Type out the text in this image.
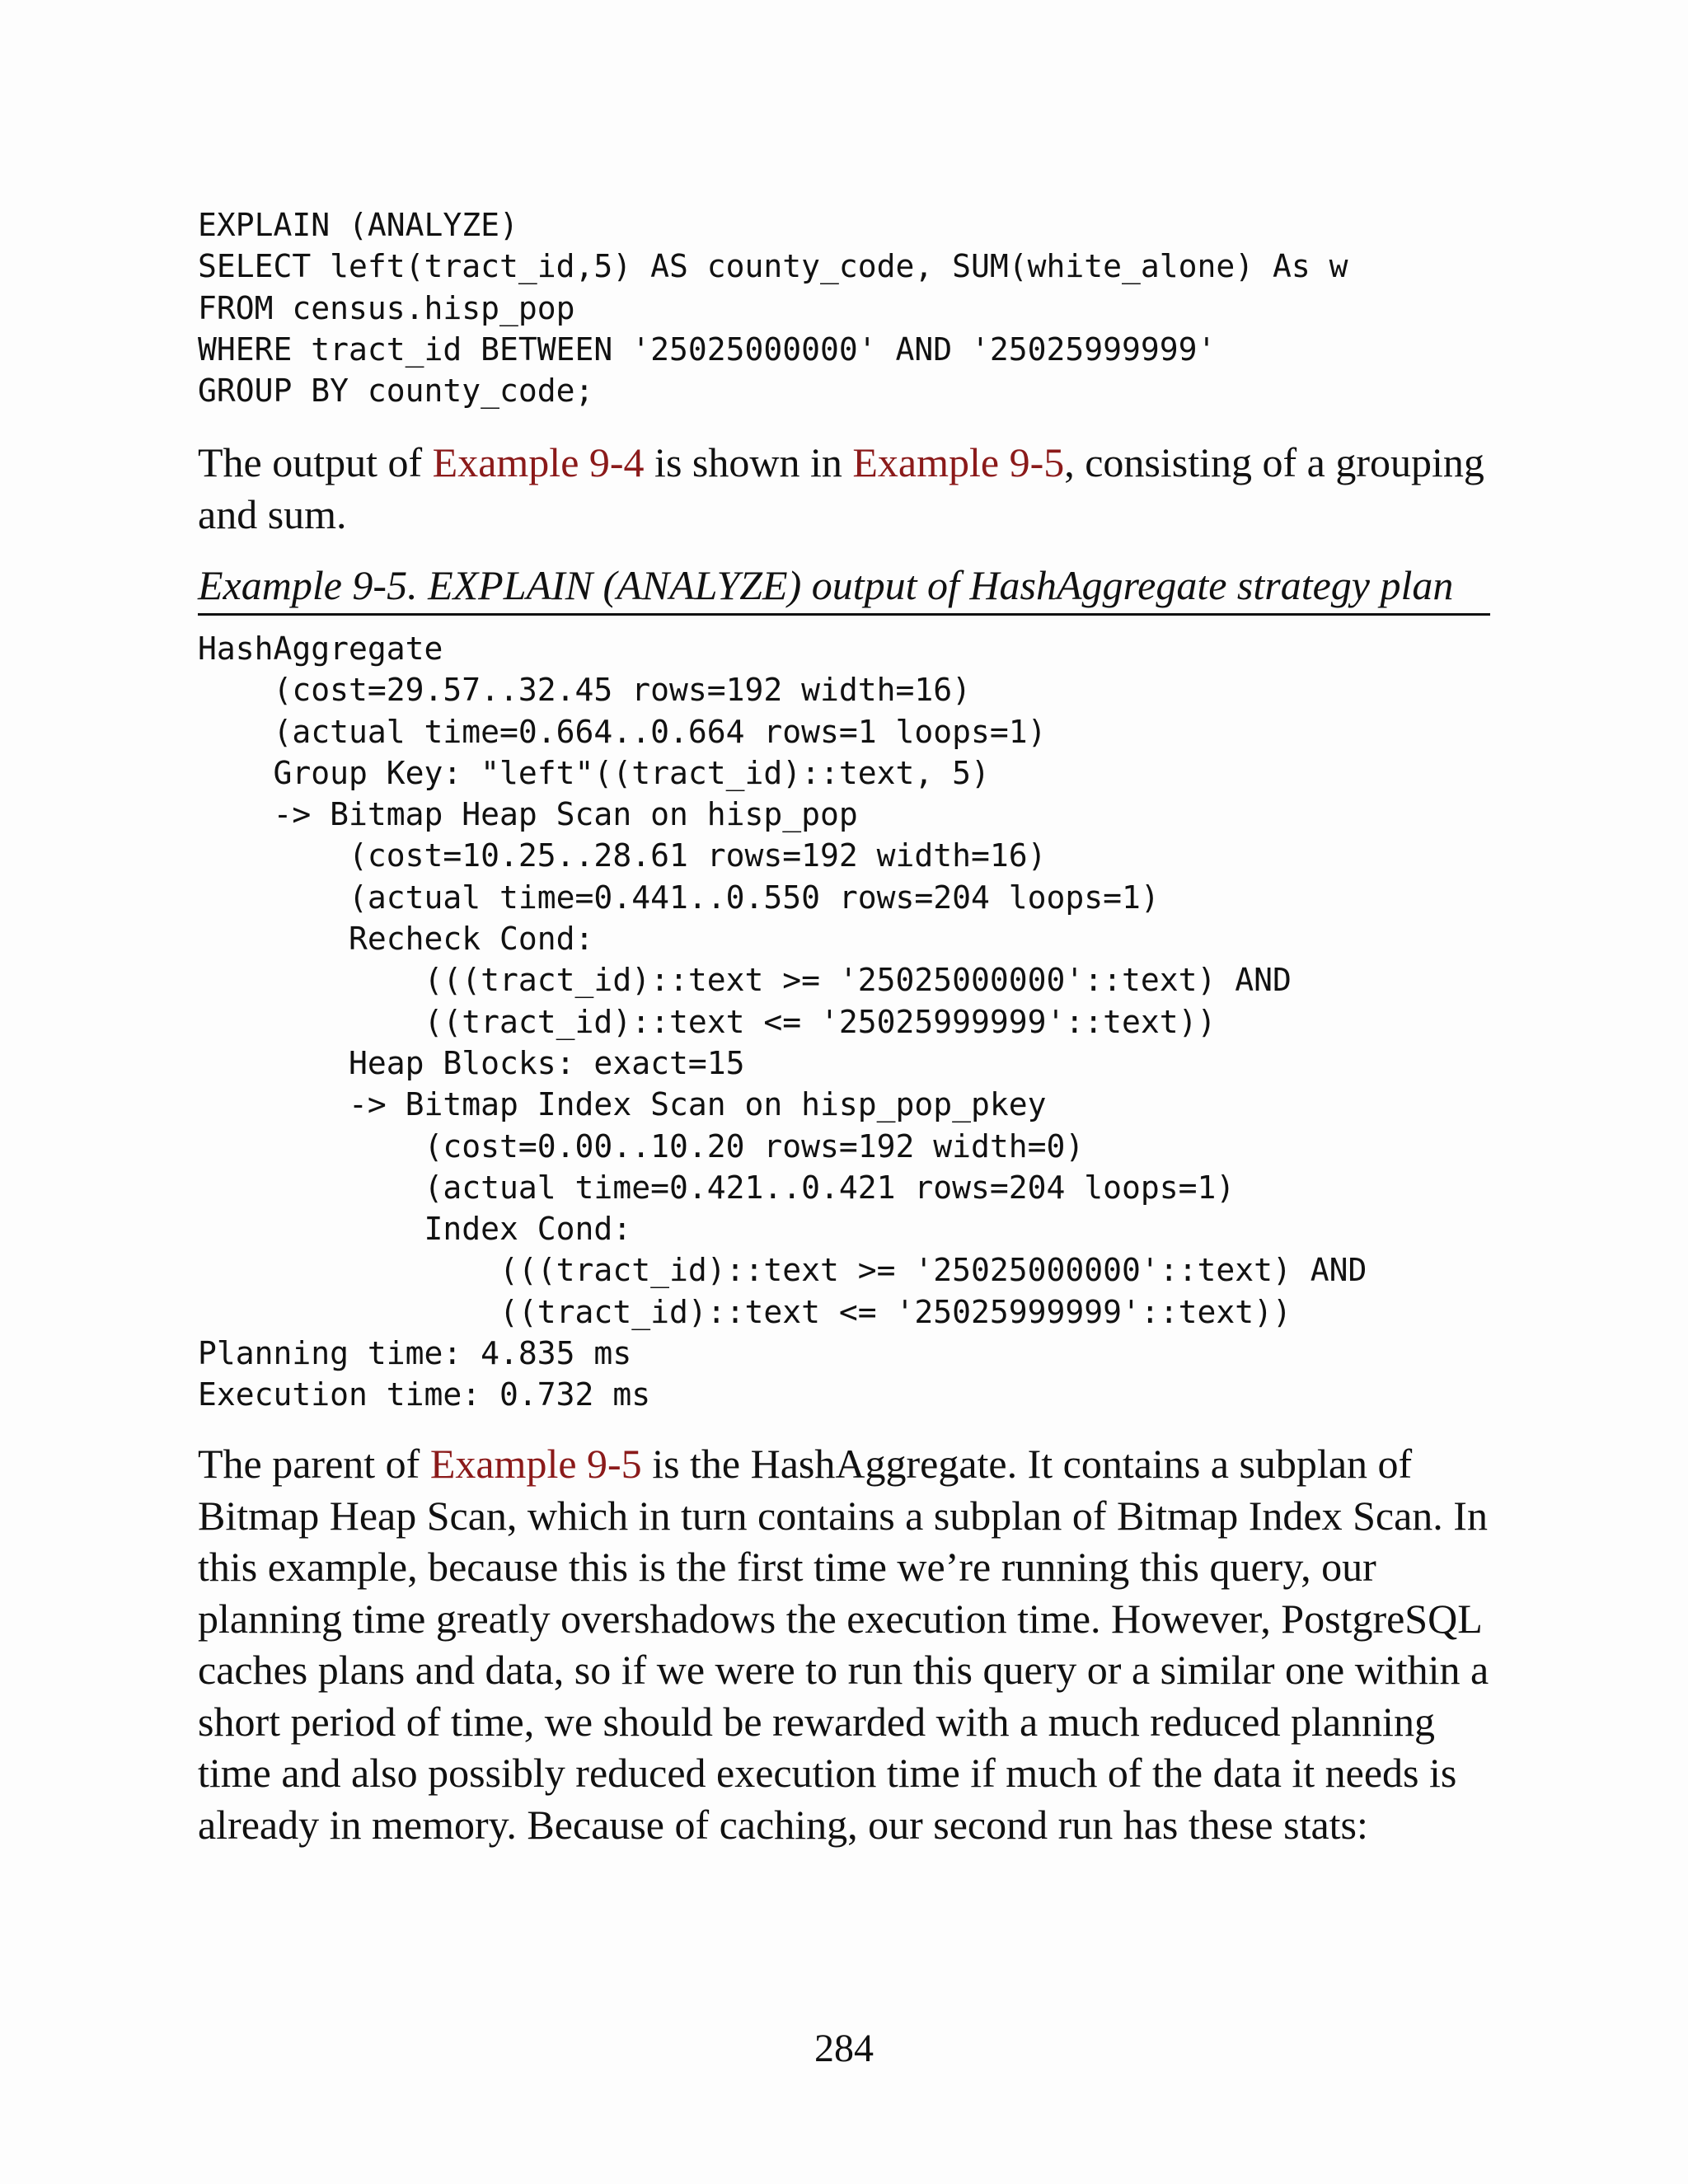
EXPLAIN (ANALYZE)
SELECT left(tract_id,5) AS county_code, SUM(white_alone) As w
FROM census.hisp_pop
WHERE tract_id BETWEEN '25025000000' AND '25025999999'
GROUP BY county_code;

The output of Example 9-4 is shown in Example 9-5, consisting of a grouping and sum.

Example 9-5. EXPLAIN (ANALYZE) output of HashAggregate strategy plan
HashAggregate
(cost=29.57..32.45 rows=192 width=16)
(actual time=0.664..0.664 rows=1 loops=1)
Group Key: "left"((tract_id)::text, 5)
-> Bitmap Heap Scan on hisp_pop
(cost=10.25..28.61 rows=192 width=16)
(actual time=0.441..0.550 rows=204 loops=1)
Recheck Cond:
(((tract_id)::text >= '25025000000'::text) AND
((tract_id)::text <= '25025999999'::text))
Heap Blocks: exact=15
-> Bitmap Index Scan on hisp_pop_pkey
(cost=0.00..10.20 rows=192 width=0)
(actual time=0.421..0.421 rows=204 loops=1)
Index Cond:
(((tract_id)::text >= '25025000000'::text) AND
((tract_id)::text <= '25025999999'::text))
Planning time: 4.835 ms
Execution time: 0.732 ms

The parent of Example 9-5 is the HashAggregate. It contains a subplan of Bitmap Heap Scan, which in turn contains a subplan of Bitmap Index Scan. In this example, because this is the first time we’re running this query, our planning time greatly overshadows the execution time. However, PostgreSQL caches plans and data, so if we were to run this query or a similar one within a short period of time, we should be rewarded with a much reduced planning time and also possibly reduced execution time if much of the data it needs is already in memory. Because of caching, our second run has these stats:

284
